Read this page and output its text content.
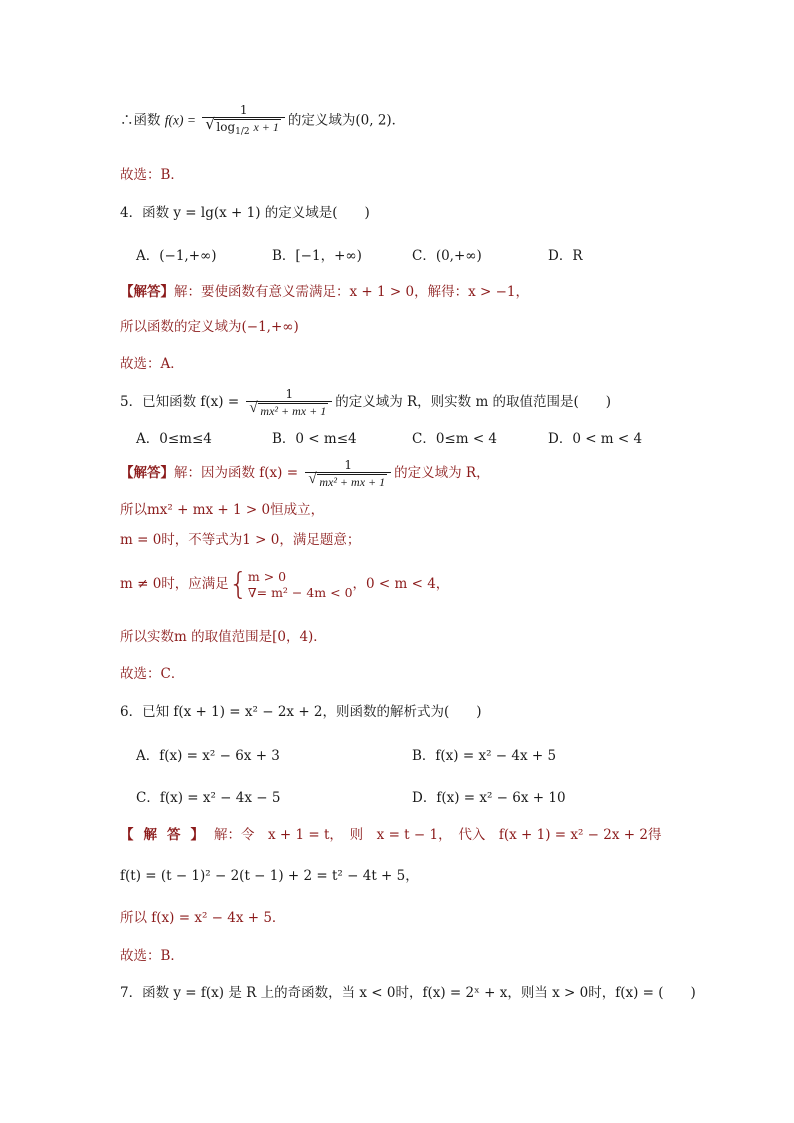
∴函数 f(x) = 1
√ $\log_{1/2} x + 1$ 的定义域为(0, 2)．
故选：B．
4．函数 y = lg(x + 1) 的定义域是(　　)
A．(−1,+∞)	B．[−1，+∞)	C．(0,+∞)	D．R
【解答】解：要使函数有意义需满足：x + 1 > 0，解得：x > −1，
所以函数的定义域为(−1,+∞)
故选：A．
5．已知函数 f(x) = 1
√ mx² + mx + 1 的定义域为 R，则实数 m 的取值范围是(　　)
A．0≤m≤4	B．0 < m≤4	C．0≤m < 4	D．0 < m < 4
【解答】解：因为函数 f(x) = 1
√ mx² + mx + 1 的定义域为 R，
所以mx² + mx + 1 > 0恒成立，
m = 0时，不等式为1 > 0，满足题意；
m ≠ 0时，应满足{ m > 0
∇= m² − 4m < 0 ，0 < m < 4，
所以实数m 的取值范围是[0，4)．
故选：C．
6．已知 f(x + 1) = x² − 2x + 2，则函数的解析式为(　　)
A．f(x) = x² − 6x + 3	B．f(x) = x² − 4x + 5
C．f(x) = x² − 4x − 5	D．f(x) = x² − 6x + 10
【解答】解：令　x + 1 = t，　则　x = t − 1，　代入　f(x + 1) = x² − 2x + 2得
f(t) = (t − 1)² − 2(t − 1) + 2 = t² − 4t + 5，
所以 f(x) = x² − 4x + 5．
故选：B．
7．函数 y = f(x) 是 R 上的奇函数，当 x < 0时，f(x) = 2ˣ + x，则当 x > 0时，f(x) = (　　)
